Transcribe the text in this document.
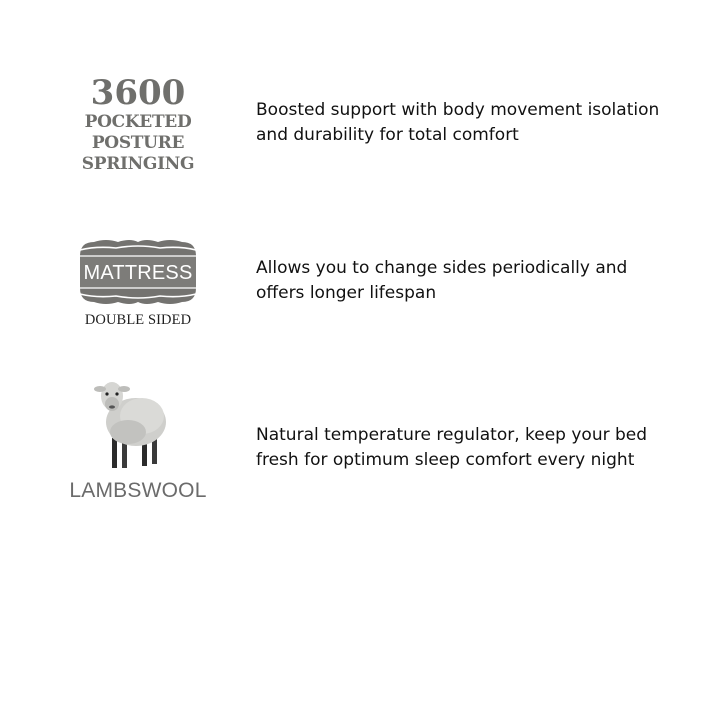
3600
POCKETED
POSTURE
SPRINGING
Boosted support with body movement isolation
and durability for total comfort
MATTRESS
DOUBLE SIDED
Allows you to change sides periodically and
offers longer lifespan
LAMBSWOOL
Natural temperature regulator, keep your bed
fresh for optimum sleep comfort every night
